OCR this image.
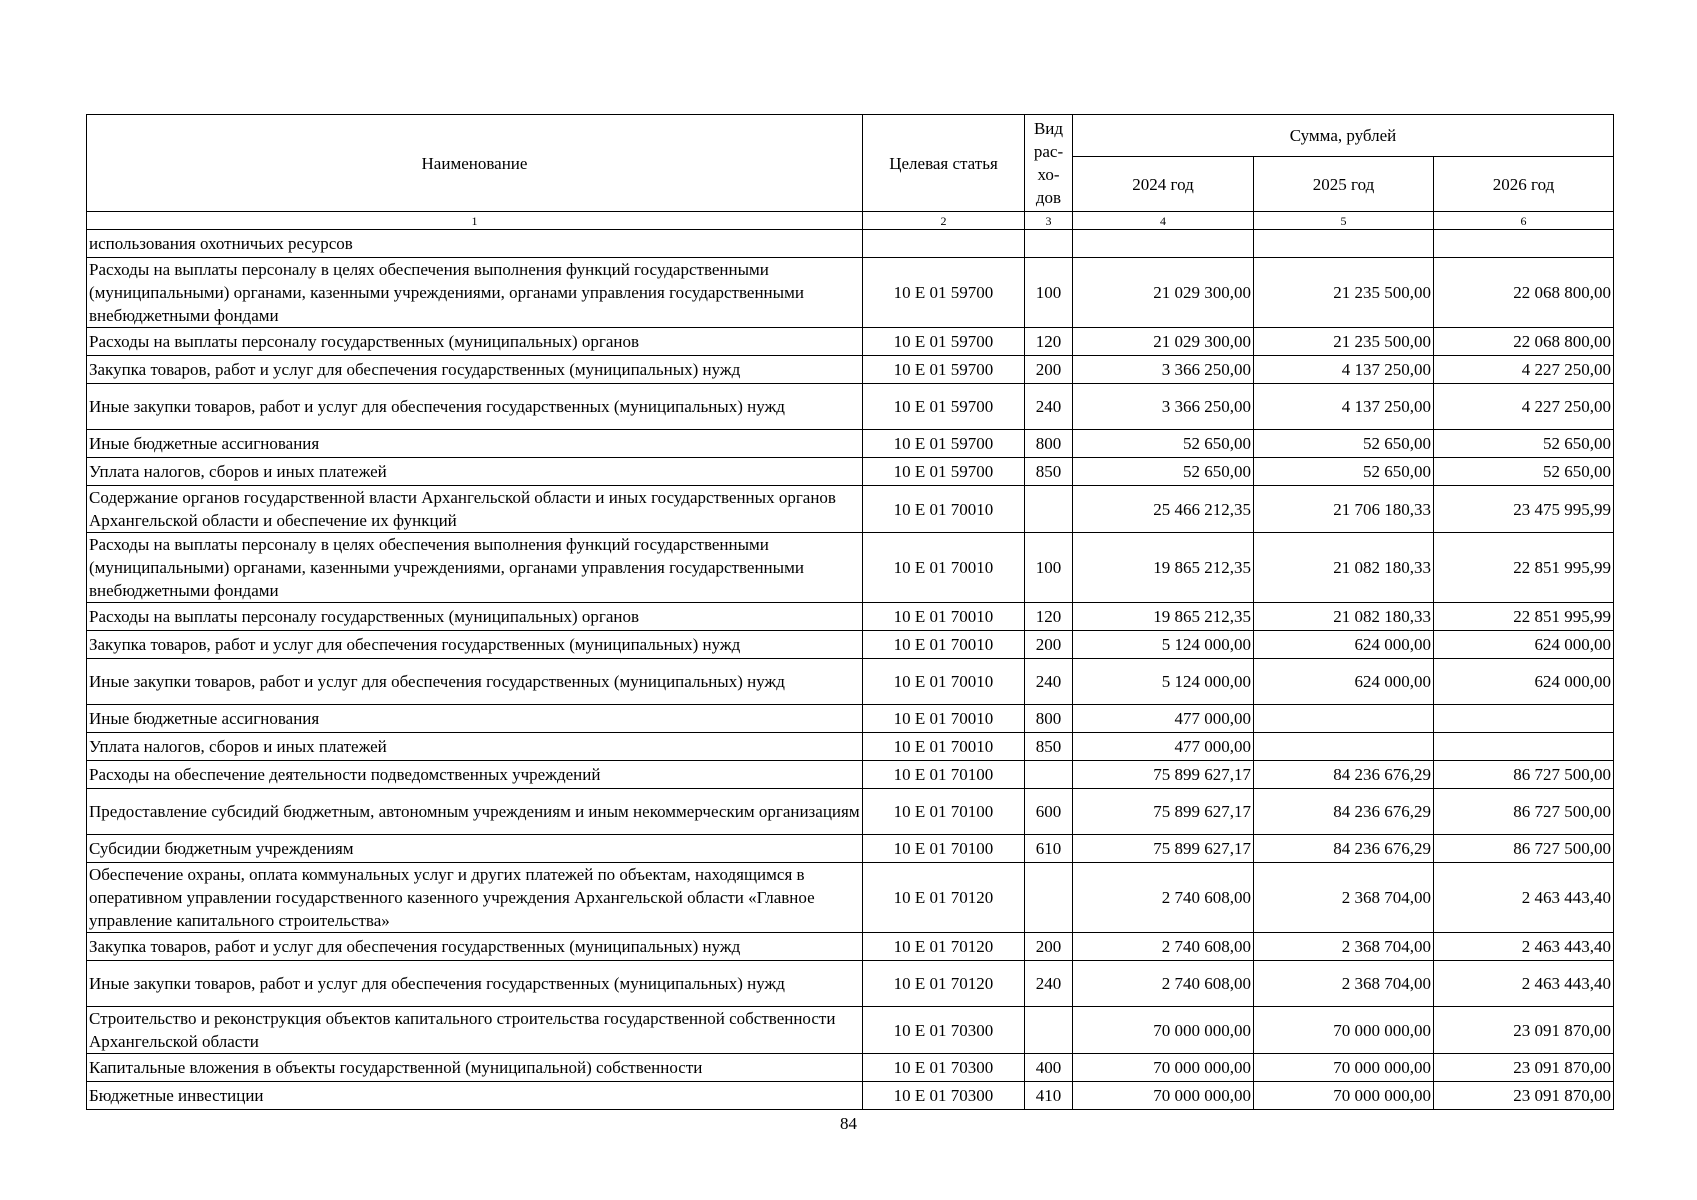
Наименование	Целевая статья	Вид рас-хо-дов	Сумма, рублей		
			2024 год	2025 год	2026 год
1	2	3	4	5	6
использования охотничьих ресурсов					
Расходы на выплаты персоналу в целях обеспечения выполнения функций государственными (муниципальными) органами, казенными учреждениями, органами управления государственными внебюджетными фондами	10 Е 01 59700	100	21 029 300,00	21 235 500,00	22 068 800,00
Расходы на выплаты персоналу государственных (муниципальных) органов	10 Е 01 59700	120	21 029 300,00	21 235 500,00	22 068 800,00
Закупка товаров, работ и услуг для обеспечения государственных (муниципальных) нужд	10 Е 01 59700	200	3 366 250,00	4 137 250,00	4 227 250,00
Иные закупки товаров, работ и услуг для обеспечения государственных (муниципальных) нужд	10 Е 01 59700	240	3 366 250,00	4 137 250,00	4 227 250,00
Иные бюджетные ассигнования	10 Е 01 59700	800	52 650,00	52 650,00	52 650,00
Уплата налогов, сборов и иных платежей	10 Е 01 59700	850	52 650,00	52 650,00	52 650,00
Содержание органов государственной власти Архангельской области и иных государственных органов Архангельской области и обеспечение их функций	10 Е 01 70010		25 466 212,35	21 706 180,33	23 475 995,99
Расходы на выплаты персоналу в целях обеспечения выполнения функций государственными (муниципальными) органами, казенными учреждениями, органами управления государственными внебюджетными фондами	10 Е 01 70010	100	19 865 212,35	21 082 180,33	22 851 995,99
Расходы на выплаты персоналу государственных (муниципальных) органов	10 Е 01 70010	120	19 865 212,35	21 082 180,33	22 851 995,99
Закупка товаров, работ и услуг для обеспечения государственных (муниципальных) нужд	10 Е 01 70010	200	5 124 000,00	624 000,00	624 000,00
Иные закупки товаров, работ и услуг для обеспечения государственных (муниципальных) нужд	10 Е 01 70010	240	5 124 000,00	624 000,00	624 000,00
Иные бюджетные ассигнования	10 Е 01 70010	800	477 000,00		
Уплата налогов, сборов и иных платежей	10 Е 01 70010	850	477 000,00		
Расходы на обеспечение деятельности подведомственных учреждений	10 Е 01 70100		75 899 627,17	84 236 676,29	86 727 500,00
Предоставление субсидий бюджетным, автономным учреждениям и иным некоммерческим организациям	10 Е 01 70100	600	75 899 627,17	84 236 676,29	86 727 500,00
Субсидии бюджетным учреждениям	10 Е 01 70100	610	75 899 627,17	84 236 676,29	86 727 500,00
Обеспечение охраны, оплата коммунальных услуг и других платежей по объектам, находящимся в оперативном управлении государственного казенного учреждения Архангельской области «Главное управление капитального строительства»	10 Е 01 70120		2 740 608,00	2 368 704,00	2 463 443,40
Закупка товаров, работ и услуг для обеспечения государственных (муниципальных) нужд	10 Е 01 70120	200	2 740 608,00	2 368 704,00	2 463 443,40
Иные закупки товаров, работ и услуг для обеспечения государственных (муниципальных) нужд	10 Е 01 70120	240	2 740 608,00	2 368 704,00	2 463 443,40
Строительство и реконструкция объектов капитального строительства государственной собственности Архангельской области	10 Е 01 70300		70 000 000,00	70 000 000,00	23 091 870,00
Капитальные вложения в объекты государственной (муниципальной) собственности	10 Е 01 70300	400	70 000 000,00	70 000 000,00	23 091 870,00
Бюджетные инвестиции	10 Е 01 70300	410	70 000 000,00	70 000 000,00	23 091 870,00
84
